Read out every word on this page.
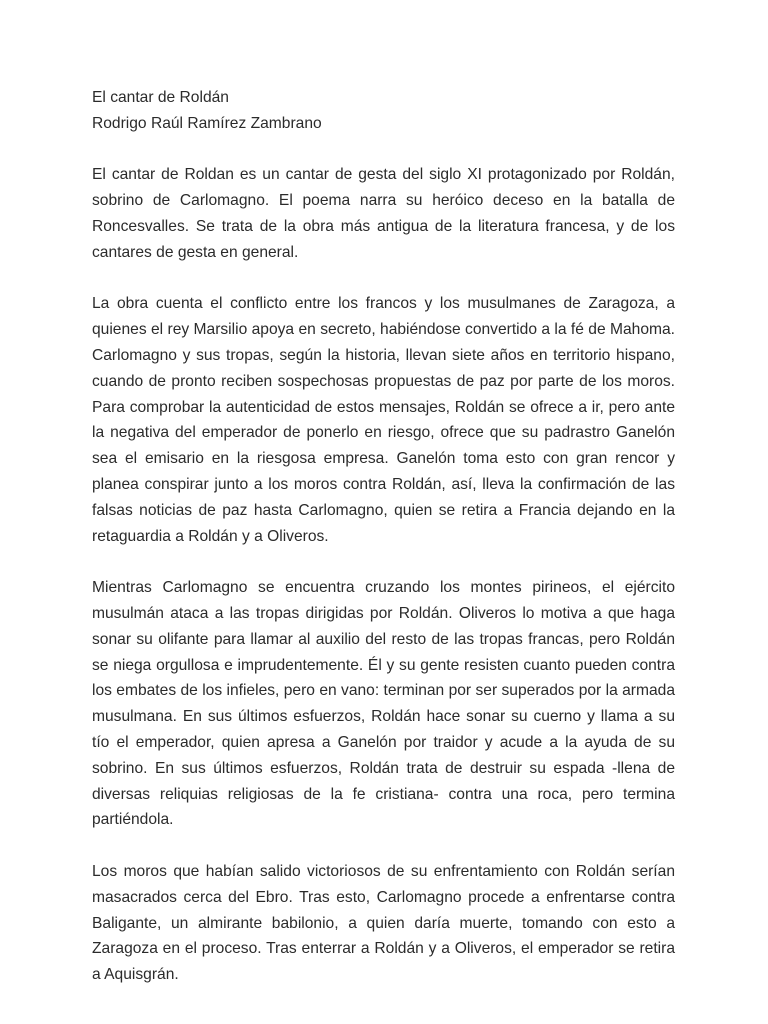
El cantar de Roldán

Rodrigo Raúl Ramírez Zambrano

El cantar de Roldan es un cantar de gesta del siglo XI protagonizado por Roldán, sobrino de Carlomagno. El poema narra su heróico deceso en la batalla de Roncesvalles. Se trata de la obra más antigua de la literatura francesa, y de los cantares de gesta en general.

La obra cuenta el conflicto entre los francos y los musulmanes de Zaragoza, a quienes el rey Marsilio apoya en secreto, habiéndose convertido a la fé de Mahoma. Carlomagno y sus tropas, según la historia, llevan siete años en territorio hispano, cuando de pronto reciben sospechosas propuestas de paz por parte de los moros. Para comprobar la autenticidad de estos mensajes, Roldán se ofrece a ir, pero ante la negativa del emperador de ponerlo en riesgo, ofrece que su padrastro Ganelón sea el emisario en la riesgosa empresa. Ganelón toma esto con gran rencor y planea conspirar junto a los moros contra Roldán, así, lleva la confirmación de las falsas noticias de paz hasta Carlomagno, quien se retira a Francia dejando en la retaguardia a Roldán y a Oliveros.

Mientras Carlomagno se encuentra cruzando los montes pirineos, el ejército musulmán ataca a las tropas dirigidas por Roldán. Oliveros lo motiva a que haga sonar su olifante para llamar al auxilio del resto de las tropas francas, pero Roldán se niega orgullosa e imprudentemente. Él y su gente resisten cuanto pueden contra los embates de los infieles, pero en vano: terminan por ser superados por la armada musulmana. En sus últimos esfuerzos, Roldán hace sonar su cuerno y llama a su tío el emperador, quien apresa a Ganelón por traidor y acude a la ayuda de su sobrino. En sus últimos esfuerzos, Roldán trata de destruir su espada -llena de diversas reliquias religiosas de la fe cristiana- contra una roca, pero termina partiéndola.

Los moros que habían salido victoriosos de su enfrentamiento con Roldán serían masacrados cerca del Ebro. Tras esto, Carlomagno procede a enfrentarse contra Baligante, un almirante babilonio, a quien daría muerte, tomando con esto a Zaragoza en el proceso. Tras enterrar a Roldán y a Oliveros, el emperador se retira a Aquisgrán.
